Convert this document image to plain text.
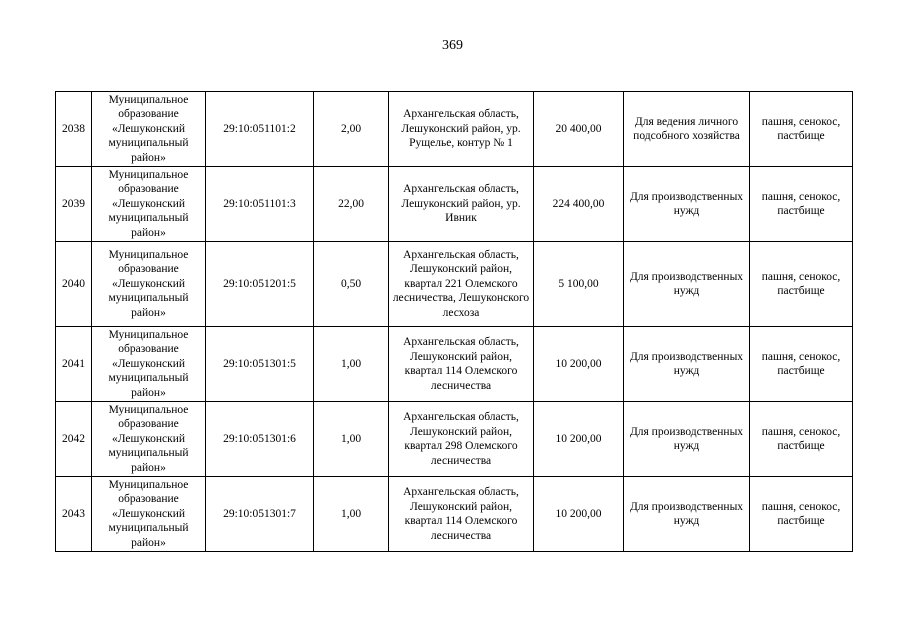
369
2038	Муниципальное образование «Лешуконский муниципальный район»	29:10:051101:2	2,00	Архангельская область, Лешуконский район, ур. Рущелье, контур № 1	20 400,00	Для ведения личного подсобного хозяйства	пашня, сенокос, пастбище
2039	Муниципальное образование «Лешуконский муниципальный район»	29:10:051101:3	22,00	Архангельская область, Лешуконский район, ур. Ивник	224 400,00	Для производственных нужд	пашня, сенокос, пастбище
2040	Муниципальное образование «Лешуконский муниципальный район»	29:10:051201:5	0,50	Архангельская область, Лешуконский район, квартал 221 Олемского лесничества, Лешуконского лесхоза	5 100,00	Для производственных нужд	пашня, сенокос, пастбище
2041	Муниципальное образование «Лешуконский муниципальный район»	29:10:051301:5	1,00	Архангельская область, Лешуконский район, квартал 114 Олемского лесничества	10 200,00	Для производственных нужд	пашня, сенокос, пастбище
2042	Муниципальное образование «Лешуконский муниципальный район»	29:10:051301:6	1,00	Архангельская область, Лешуконский район, квартал 298 Олемского лесничества	10 200,00	Для производственных нужд	пашня, сенокос, пастбище
2043	Муниципальное образование «Лешуконский муниципальный район»	29:10:051301:7	1,00	Архангельская область, Лешуконский район, квартал 114 Олемского лесничества	10 200,00	Для производственных нужд	пашня, сенокос, пастбище
